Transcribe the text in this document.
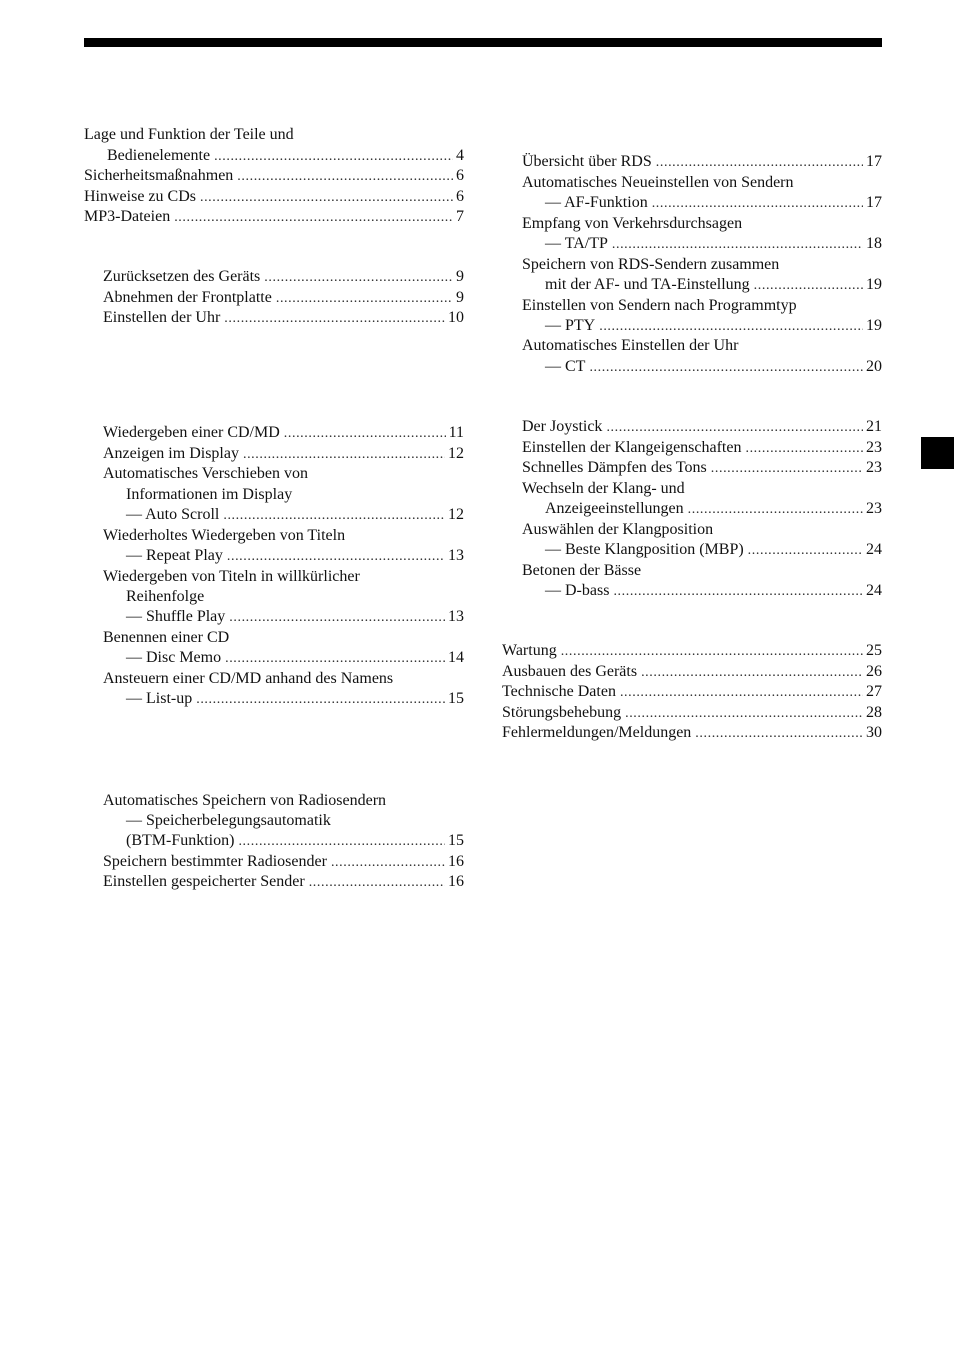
Lage und Funktion der Teile und
Bedienelemente .....	4
Sicherheitsmaßnahmen .....	6
Hinweise zu CDs .....	6
MP3-Dateien .....	7
Zurücksetzen des Geräts .....	9
Abnehmen der Frontplatte .....	9
Einstellen der Uhr .....	10
Wiedergeben einer CD/MD .....	11
Anzeigen im Display .....	12
Automatisches Verschieben von
Informationen im Display
— Auto Scroll .....	12
Wiederholtes Wiedergeben von Titeln
— Repeat Play .....	13
Wiedergeben von Titeln in willkürlicher
Reihenfolge
— Shuffle Play .....	13
Benennen einer CD
— Disc Memo .....	14
Ansteuern einer CD/MD anhand des Namens
— List-up .....	15
Automatisches Speichern von Radiosendern
— Speicherbelegungsautomatik
(BTM-Funktion) .....	15
Speichern bestimmter Radiosender .....	16
Einstellen gespeicherter Sender .....	16
Übersicht über RDS .....	17
Automatisches Neueinstellen von Sendern
— AF-Funktion .....	17
Empfang von Verkehrsdurchsagen
— TA/TP .....	18
Speichern von RDS-Sendern zusammen
mit der AF- und TA-Einstellung .....	19
Einstellen von Sendern nach Programmtyp
— PTY .....	19
Automatisches Einstellen der Uhr
— CT .....	20
Der Joystick .....	21
Einstellen der Klangeigenschaften .....	23
Schnelles Dämpfen des Tons .....	23
Wechseln der Klang- und
Anzeigeeinstellungen .....	23
Auswählen der Klangposition
— Beste Klangposition (MBP) .....	24
Betonen der Bässe
— D-bass .....	24
Wartung .....	25
Ausbauen des Geräts .....	26
Technische Daten .....	27
Störungsbehebung .....	28
Fehlermeldungen/Meldungen .....	30
